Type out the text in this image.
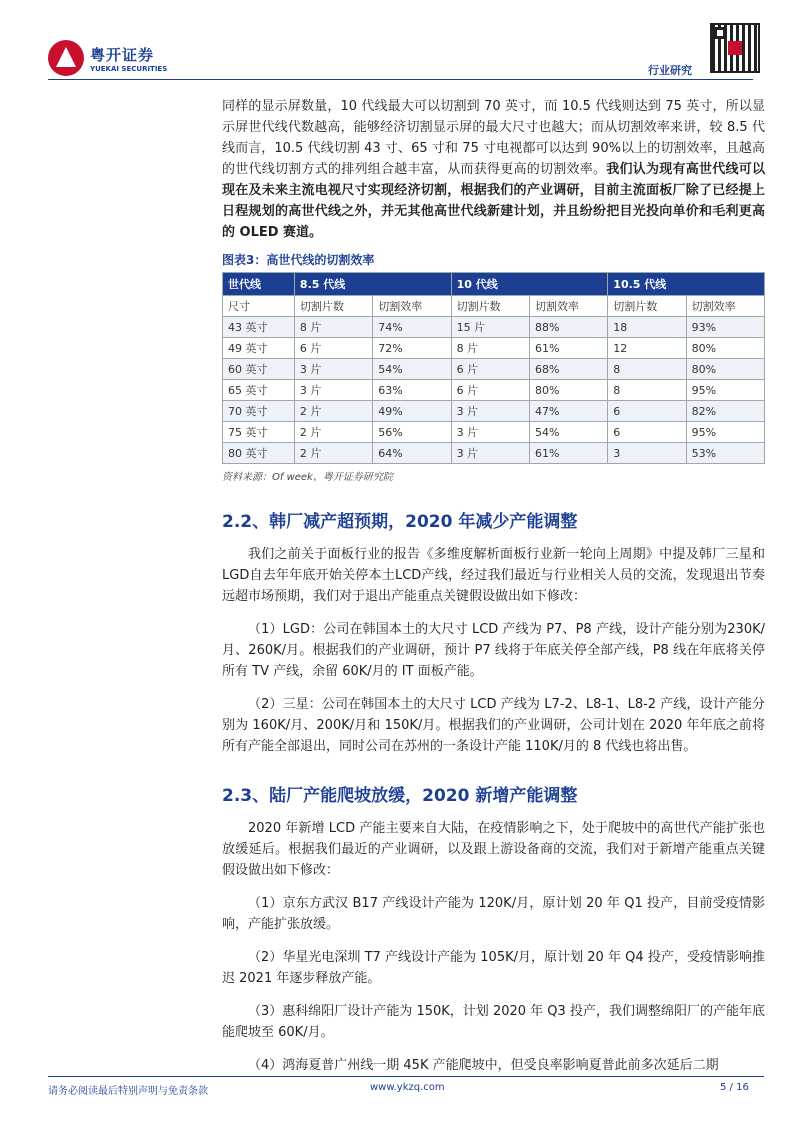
粤开证券
YUEKAI SECURITIES	行业研究

同样的显示屏数量，10 代线最大可以切割到 70 英寸，而 10.5 代线则达到 75 英寸，所以显示屏世代线代数越高，能够经济切割显示屏的最大尺寸也越大；而从切割效率来讲，较 8.5 代线而言，10.5 代线切割 43 寸、65 寸和 75 寸电视都可以达到 90%以上的切割效率，且越高的世代线切割方式的排列组合越丰富，从而获得更高的切割效率。我们认为现有高世代线可以现在及未来主流电视尺寸实现经济切割，根据我们的产业调研，目前主流面板厂除了已经提上日程规划的高世代线之外，并无其他高世代线新建计划，并且纷纷把目光投向单价和毛利更高的 OLED 赛道。

图表3：高世代线的切割效率
世代线	8.5 代线		10 代线		10.5 代线	
尺寸	切割片数	切割效率	切割片数	切割效率	切割片数	切割效率
43 英寸	8 片	74%	15 片	88%	18	93%
49 英寸	6 片	72%	8 片	61%	12	80%
60 英寸	3 片	54%	6 片	68%	8	80%
65 英寸	3 片	63%	6 片	80%	8	95%
70 英寸	2 片	49%	3 片	47%	6	82%
75 英寸	2 片	56%	3 片	54%	6	95%
80 英寸	2 片	64%	3 片	61%	3	53%
资料来源：Of week、粤开证券研究院
2.2、韩厂减产超预期，2020 年减少产能调整

我们之前关于面板行业的报告《多维度解析面板行业新一轮向上周期》中提及韩厂三星和LGD自去年年底开始关停本土LCD产线，经过我们最近与行业相关人员的交流，发现退出节奏远超市场预期，我们对于退出产能重点关键假设做出如下修改：

（1）LGD：公司在韩国本土的大尺寸 LCD 产线为 P7、P8 产线，设计产能分别为230K/月、260K/月。根据我们的产业调研，预计 P7 线将于年底关停全部产线，P8 线在年底将关停所有 TV 产线，余留 60K/月的 IT 面板产能。

（2）三星：公司在韩国本土的大尺寸 LCD 产线为 L7-2、L8-1、L8-2 产线，设计产能分别为 160K/月、200K/月和 150K/月。根据我们的产业调研，公司计划在 2020 年年底之前将所有产能全部退出，同时公司在苏州的一条设计产能 110K/月的 8 代线也将出售。

2.3、陆厂产能爬坡放缓，2020 新增产能调整

2020 年新增 LCD 产能主要来自大陆，在疫情影响之下，处于爬坡中的高世代产能扩张也放缓延后。根据我们最近的产业调研，以及跟上游设备商的交流，我们对于新增产能重点关键假设做出如下修改：

（1）京东方武汉 B17 产线设计产能为 120K/月，原计划 20 年 Q1 投产，目前受疫情影响，产能扩张放缓。

（2）华星光电深圳 T7 产线设计产能为 105K/月，原计划 20 年 Q4 投产，受疫情影响推迟 2021 年逐步释放产能。

（3）惠科绵阳厂设计产能为 150K，计划 2020 年 Q3 投产，我们调整绵阳厂的产能年底能爬坡至 60K/月。

（4）鸿海夏普广州线一期 45K 产能爬坡中，但受良率影响夏普此前多次延后二期

请务必阅读最后特别声明与免责条款	www.ykzq.com	5 / 16
